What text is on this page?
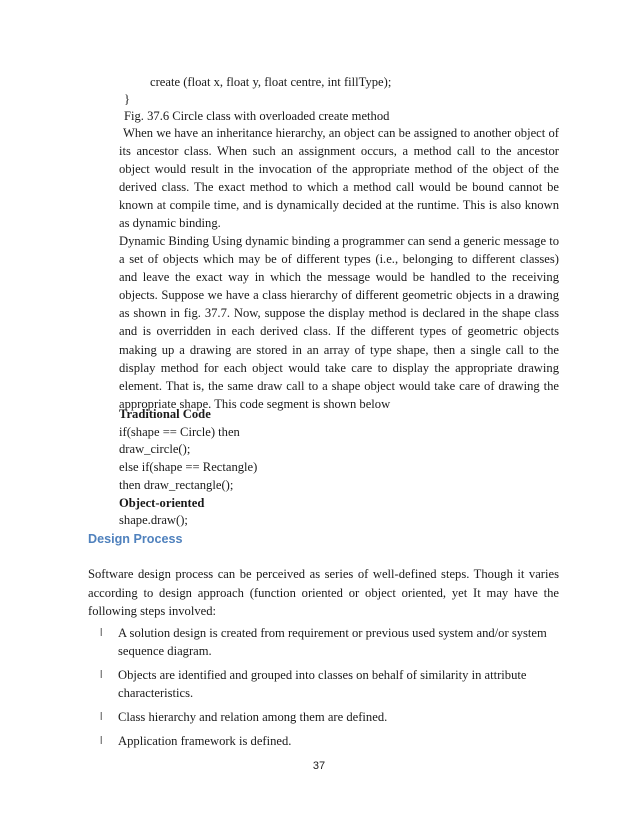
create (float x, float y, float centre, int fillType);
}
Fig. 37.6 Circle class with overloaded create method

When we have an inheritance hierarchy, an object can be assigned to another object of its ancestor class. When such an assignment occurs, a method call to the ancestor object would result in the invocation of the appropriate method of the object of the derived class. The exact method to which a method call would be bound cannot be known at compile time, and is dynamically decided at the runtime. This is also known as dynamic binding.

Dynamic Binding Using dynamic binding a programmer can send a generic message to a set of objects which may be of different types (i.e., belonging to different classes) and leave the exact way in which the message would be handled to the receiving objects. Suppose we have a class hierarchy of different geometric objects in a drawing as shown in fig. 37.7. Now, suppose the display method is declared in the shape class and is overridden in each derived class. If the different types of geometric objects making up a drawing are stored in an array of type shape, then a single call to the display method for each object would take care to display the appropriate drawing element. That is, the same draw call to a shape object would take care of drawing the appropriate shape. This code segment is shown below

Traditional Code
if(shape == Circle) then
draw_circle();
else if(shape == Rectangle)
then draw_rectangle();
Object-oriented
shape.draw();
Design Process

Software design process can be perceived as series of well-defined steps. Though it varies according to design approach (function oriented or object oriented, yet It may have the following steps involved:

l A solution design is created from requirement or previous used system and/or system sequence diagram.
l Objects are identified and grouped into classes on behalf of similarity in attribute characteristics.
l Class hierarchy and relation among them are defined.
l Application framework is defined.
37
